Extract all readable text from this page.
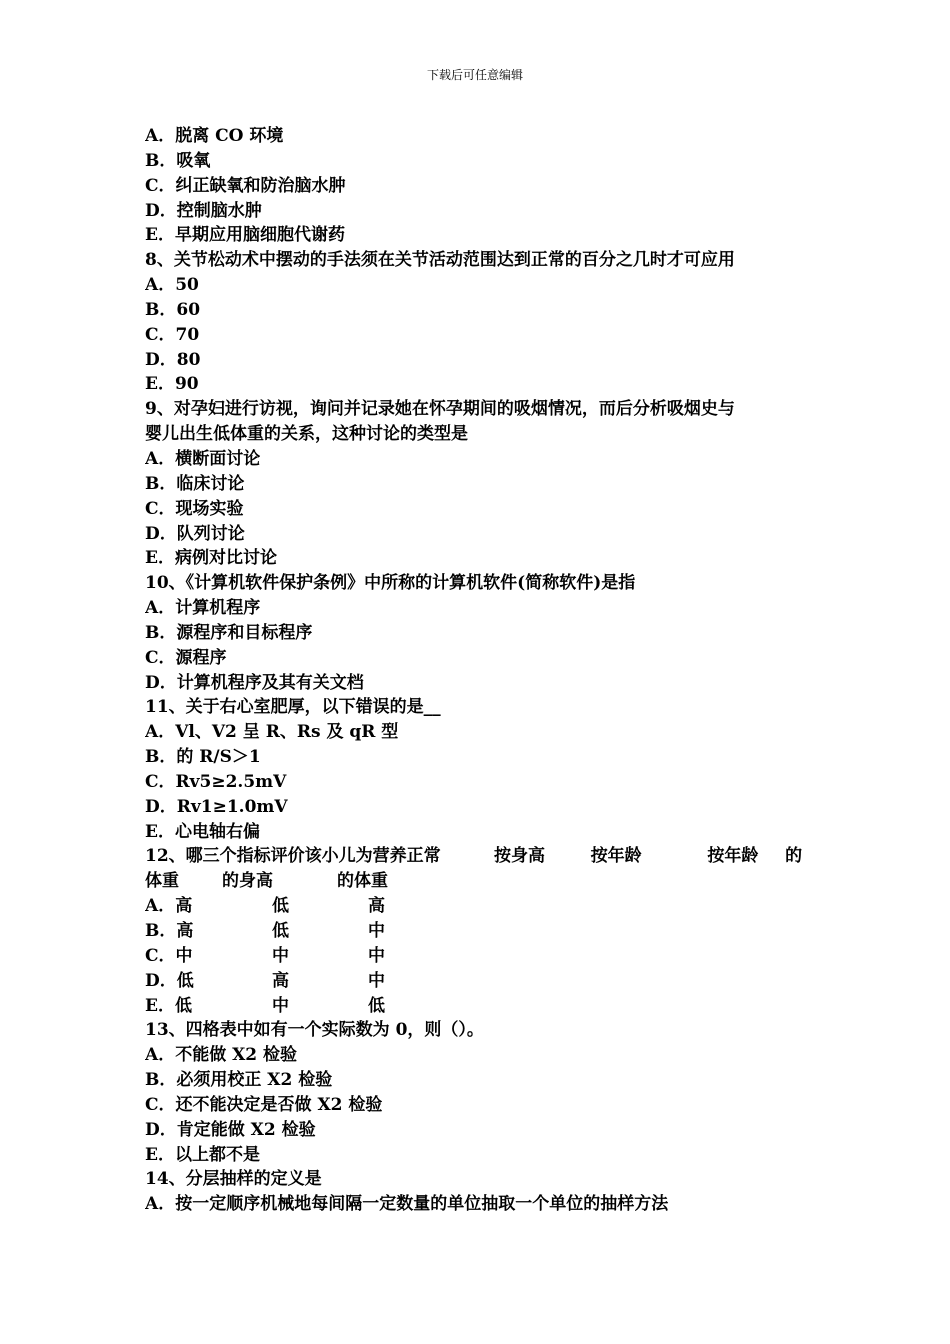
下载后可任意编辑
A．脱离 CO 环境
B．吸氧
C．纠正缺氧和防治脑水肿
D．控制脑水肿
E．早期应用脑细胞代谢药
8、关节松动术中摆动的手法须在关节活动范围达到正常的百分之几时才可应用
A．50
B．60
C．70
D．80
E．90
9、对孕妇进行访视，询问并记录她在怀孕期间的吸烟情况，而后分析吸烟史与
婴儿出生低体重的关系，这种讨论的类型是
A．横断面讨论
B．临床讨论
C．现场实验
D．队列讨论
E．病例对比讨论
10、《计算机软件保护条例》中所称的计算机软件(简称软件)是指
A．计算机程序
B．源程序和目标程序
C．源程序
D．计算机程序及其有关文档
11、关于右心室肥厚，以下错误的是__
A．Vl、V2 呈 R、Rs 及 qR 型
B．的 R/S＞1
C．Rv5≥2.5mV
D．Rv1≥1.0mV
E．心电轴右偏
12、哪三个指标评价该小儿为营养正常	按身高	按年龄	按年龄	的
体重	的身高	的体重
A．高	低	高
B．高	低	中
C．中	中	中
D．低	高	中
E．低	中	低
13、四格表中如有一个实际数为 0，则（）。
A．不能做 X2 检验
B．必须用校正 X2 检验
C．还不能决定是否做 X2 检验
D．肯定能做 X2 检验
E．以上都不是
14、分层抽样的定义是
A．按一定顺序机械地每间隔一定数量的单位抽取一个单位的抽样方法
